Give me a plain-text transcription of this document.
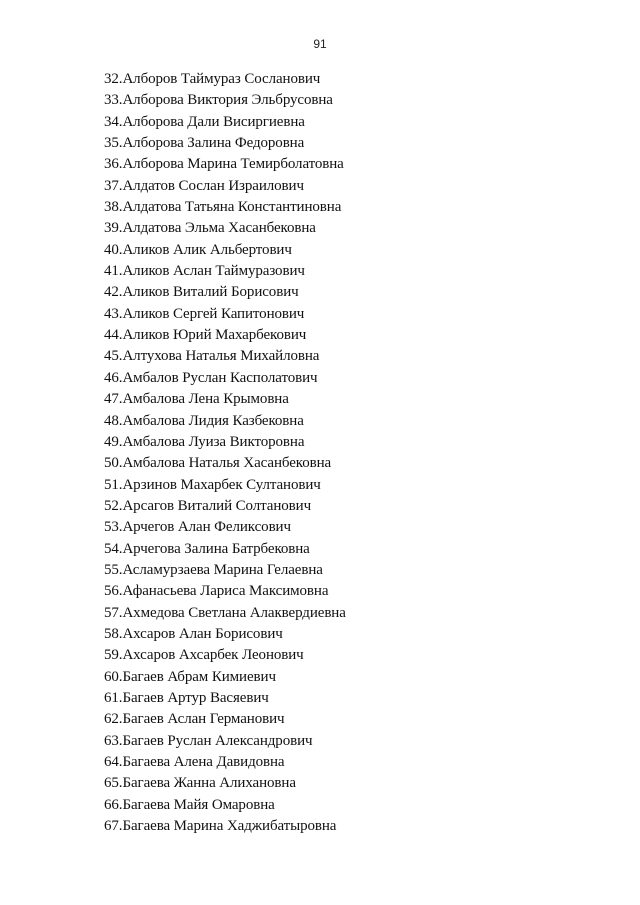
91
32.Алборов Таймураз Сосланович
33.Алборова Виктория Эльбрусовна
34.Алборова Дали Висиргиевна
35.Алборова Залина Федоровна
36.Алборова Марина Темирболатовна
37.Алдатов Сослан Израилович
38.Алдатова Татьяна Константиновна
39.Алдатова Эльма Хасанбековна
40.Аликов Алик Альбертович
41.Аликов Аслан Таймуразович
42.Аликов Виталий Борисович
43.Аликов Сергей Капитонович
44.Аликов Юрий Махарбекович
45.Алтухова Наталья Михайловна
46.Амбалов Руслан Касполатович
47.Амбалова Лена Крымовна
48.Амбалова Лидия Казбековна
49.Амбалова Луиза Викторовна
50.Амбалова Наталья Хасанбековна
51.Арзинов Махарбек Султанович
52.Арсагов Виталий Солтанович
53.Арчегов Алан Феликсович
54.Арчегова Залина Батрбековна
55.Асламурзаева Марина Гелаевна
56.Афанасьева Лариса Максимовна
57.Ахмедова Светлана Алаквердиевна
58.Ахсаров Алан Борисович
59.Ахсаров Ахсарбек Леонович
60.Багаев Абрам Кимиевич
61.Багаев Артур Васяевич
62.Багаев Аслан Германович
63.Багаев Руслан Александрович
64.Багаева Алена Давидовна
65.Багаева Жанна Алихановна
66.Багаева Майя Омаровна
67.Багаева Марина Хаджибатыровна
